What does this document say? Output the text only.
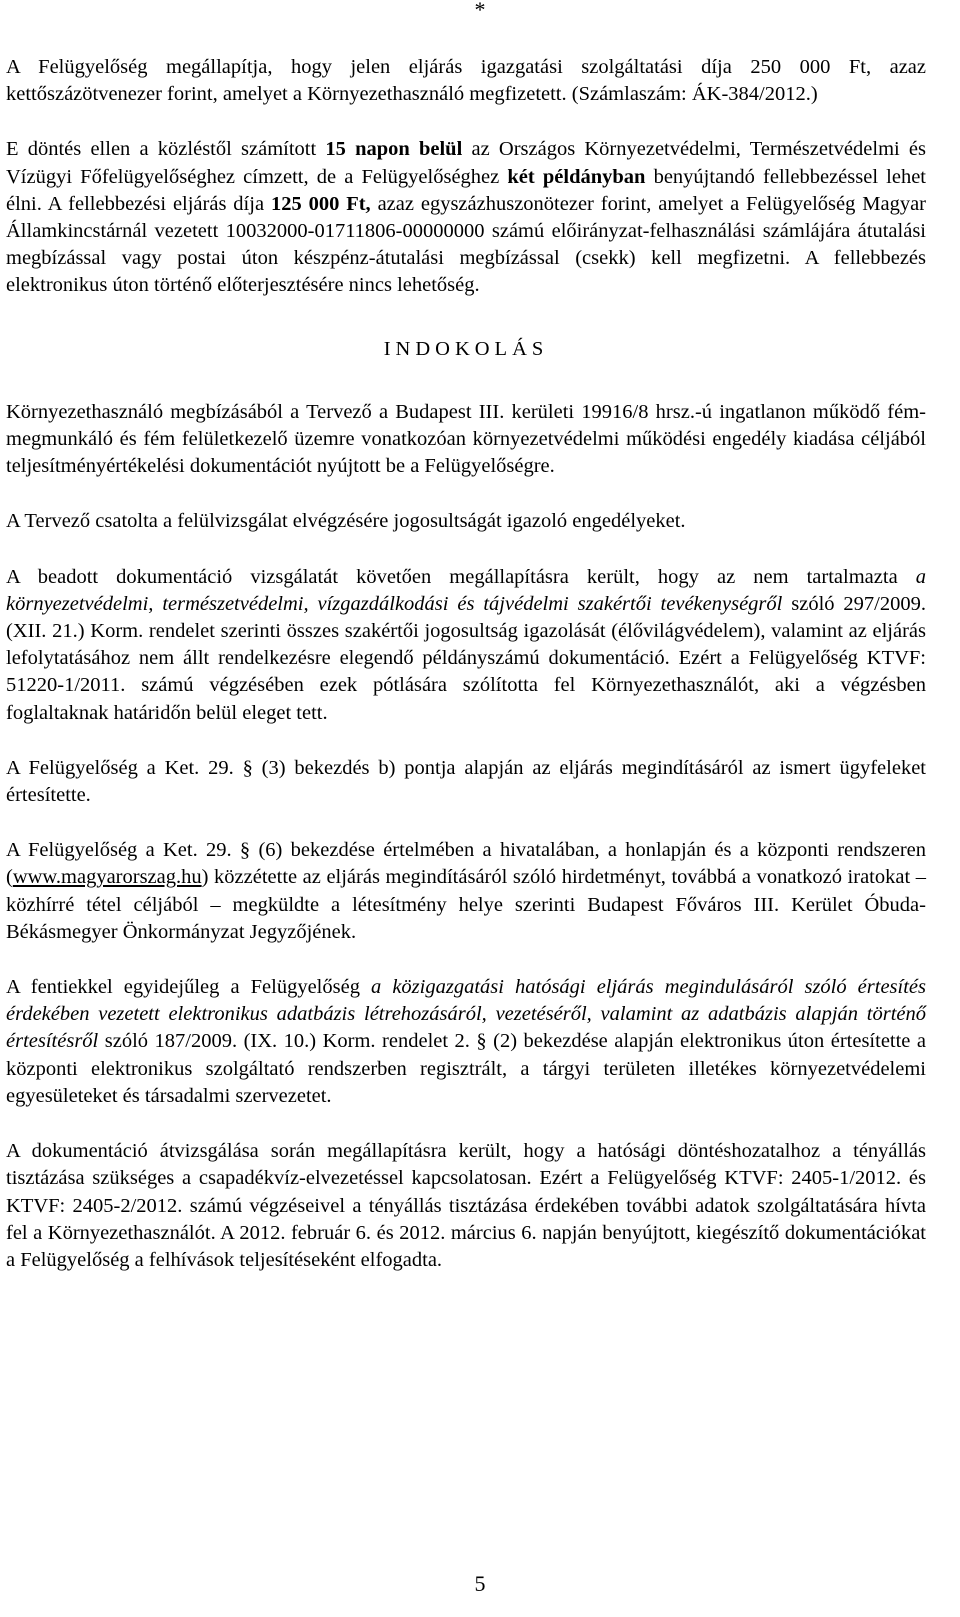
*

A Felügyelőség megállapítja, hogy jelen eljárás igazgatási szolgáltatási díja 250 000 Ft, azaz kettőszázötvenezer forint, amelyet a Környezethasználó megfizetett. (Számlaszám: ÁK-384/2012.)

E döntés ellen a közléstől számított 15 napon belül az Országos Környezetvédelmi, Természetvédelmi és Vízügyi Főfelügyelőséghez címzett, de a Felügyelőséghez két példányban benyújtandó fellebbezéssel lehet élni. A fellebbezési eljárás díja 125 000 Ft, azaz egyszázhuszonötezer forint, amelyet a Felügyelőség Magyar Államkincstárnál vezetett 10032000-01711806-00000000 számú előirányzat-felhasználási számlájára átutalási megbízással vagy postai úton készpénz-átutalási megbízással (csekk) kell megfizetni. A fellebbezés elektronikus úton történő előterjesztésére nincs lehetőség.

INDOKOLÁS

Környezethasználó megbízásából a Tervező a Budapest III. kerületi 19916/8 hrsz.-ú ingatlanon működő fém-megmunkáló és fém felületkezelő üzemre vonatkozóan környezetvédelmi működési engedély kiadása céljából teljesítményértékelési dokumentációt nyújtott be a Felügyelőségre.

A Tervező csatolta a felülvizsgálat elvégzésére jogosultságát igazoló engedélyeket.

A beadott dokumentáció vizsgálatát követően megállapításra került, hogy az nem tartalmazta a környezetvédelmi, természetvédelmi, vízgazdálkodási és tájvédelmi szakértői tevékenységről szóló 297/2009. (XII. 21.) Korm. rendelet szerinti összes szakértői jogosultság igazolását (élővilágvédelem), valamint az eljárás lefolytatásához nem állt rendelkezésre elegendő példányszámú dokumentáció. Ezért a Felügyelőség KTVF: 51220-1/2011. számú végzésében ezek pótlására szólította fel Környezethasználót, aki a végzésben foglaltaknak határidőn belül eleget tett.

A Felügyelőség a Ket. 29. § (3) bekezdés b) pontja alapján az eljárás megindításáról az ismert ügyfeleket értesítette.

A Felügyelőség a Ket. 29. § (6) bekezdése értelmében a hivatalában, a honlapján és a központi rendszeren (www.magyarorszag.hu) közzétette az eljárás megindításáról szóló hirdetményt, továbbá a vonatkozó iratokat – közhírré tétel céljából – megküldte a létesítmény helye szerinti Budapest Főváros III. Kerület Óbuda-Békásmegyer Önkormányzat Jegyzőjének.

A fentiekkel egyidejűleg a Felügyelőség a közigazgatási hatósági eljárás megindulásáról szóló értesítés érdekében vezetett elektronikus adatbázis létrehozásáról, vezetéséről, valamint az adatbázis alapján történő értesítésről szóló 187/2009. (IX. 10.) Korm. rendelet 2. § (2) bekezdése alapján elektronikus úton értesítette a központi elektronikus szolgáltató rendszerben regisztrált, a tárgyi területen illetékes környezetvédelemi egyesületeket és társadalmi szervezetet.

A dokumentáció átvizsgálása során megállapításra került, hogy a hatósági döntéshozatalhoz a tényállás tisztázása szükséges a csapadékvíz-elvezetéssel kapcsolatosan. Ezért a Felügyelőség KTVF: 2405-1/2012. és KTVF: 2405-2/2012. számú végzéseivel a tényállás tisztázása érdekében további adatok szolgáltatására hívta fel a Környezethasználót. A 2012. február 6. és 2012. március 6. napján benyújtott, kiegészítő dokumentációkat a Felügyelőség a felhívások teljesítéseként elfogadta.

5
